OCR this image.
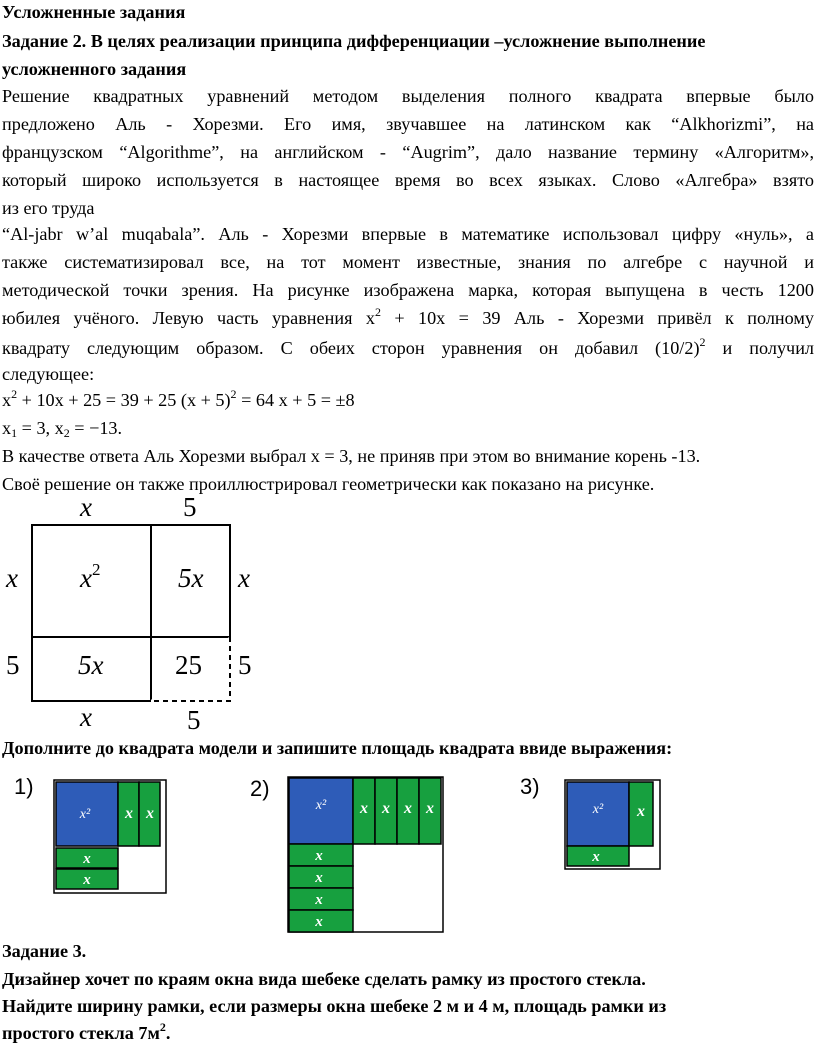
Усложненные задания
Задание 2. В целях реализации принципа дифференциации –усложнение выполнение
усложненного задания
Решение квадратных уравнений методом выделения полного квадрата впервые было
предложено Аль - Хорезми. Его имя, звучавшее на латинском как “Alkhorizmi”, на
французском “Algorithme”, на английском - “Augrim”, дало название термину «Алгоритм»,
который широко используется в настоящее время во всех языках. Слово «Алгебра» взято
из его труда
“Al-jabr w’al muqabala”. Аль - Хорезми впервые в математике использовал цифру «нуль», а
также систематизировал все, на тот момент известные, знания по алгебре с научной и
методической точки зрения. На рисунке изображена марка, которая выпущена в честь 1200
юбилея учёного. Левую часть уравнения $x^2 + 10x = 39$ Аль - Хорезми привёл к полному
квадрату следующим образом. С обеих сторон уравнения он добавил $(10/2)^2$ и получил
следующее:
$x^2 + 10x + 25 = 39 + 25$ $(x + 5)^2 = 64$ x + 5 = ±8
$x_1 = 3$, $x_2 = -13$.
В качестве ответа Аль Хорезми выбрал x = 3, не приняв при этом во внимание корень -13.
Своё решение он также проиллюстрировал геометрически как показано на рисунке.
x	5
x
5
x
5
x	5
$x^2$	5x
5x	25
Дополните до квадрата модели и запишите площадь квадрата ввиде выражения:
1)	2)	3)
x² x x
x
x
x² x x x x
x
x
x
x
x² x
x
Задание 3.
Дизайнер хочет по краям окна вида шебеке сделать рамку из простого стекла.
Найдите ширину рамки, если размеры окна шебеке 2 м и 4 м, площадь рамки из
простого стекла $7м^2$.
